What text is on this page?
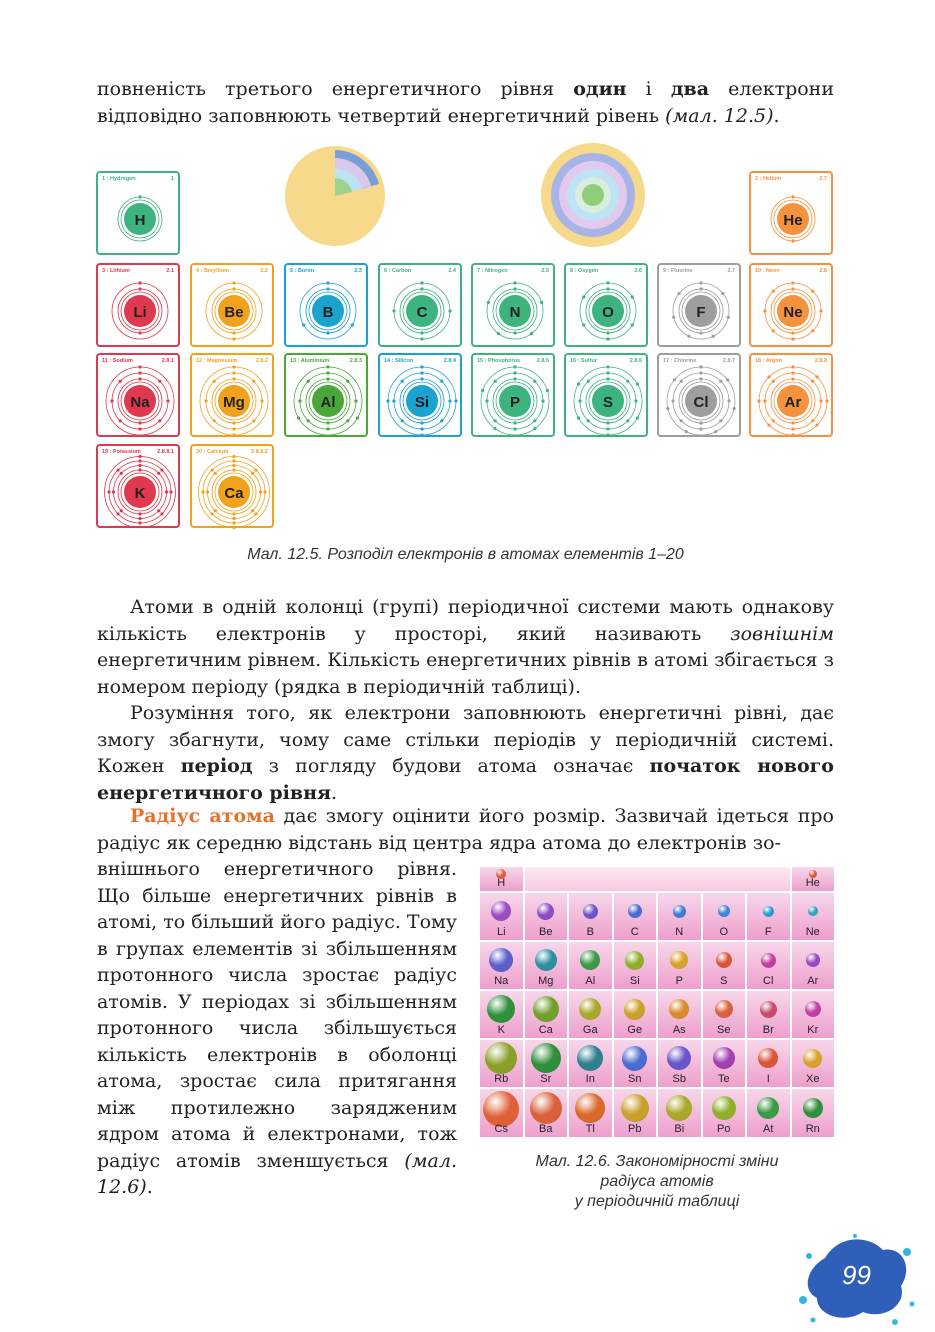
повненість третього енергетичного рівня один і два електрони відповідно заповнюють четвертий енергетичний рівень (мал. 12.5).

1 : Hydrogen	1
H
2 : Helium	2.7
He
3 : Lithium	2.1
Li
4 : Beryllium	2.2
Be
5 : Boron	2.3
B
6 : Carbon	2.4
C
7 : Nitrogen	2.5
N
8 : Oxygen	2.6
O
9 : Fluorine	2.7
F
10 : Neon	2.8
Ne
11 : Sodium	2.8.1
Na
12 : Magnesium	2.8.2
Mg
13 : Aluminium	2.8.3
Al
14 : Silicon	2.8.4
Si
15 : Phosphorus	2.8.5
P
16 : Sulfur	2.8.6
S
17 : Chlorine	2.8.7
Cl
18 : Argon	2.8.8
Ar
19 : Potassium	2.8.8.1
K
20 : Calcium	2.8.8.2
Ca
Мал. 12.5. Розподіл електронів в атомах елементів 1–20

Атоми в одній колонці (групі) періодичної системи мають однакову кількість електронів у просторі, який називають зовнішнім енергетичним рівнем. Кількість енергетичних рівнів в атомі збігається з номером періоду (рядка в періодичній таблиці).

Розуміння того, як електрони заповнюють енергетичні рівні, дає змогу збагнути, чому саме стільки періодів у періодичній системі. Кожен період з погляду будови атома означає початок нового енергетичного рівня.

Радіус атома дає змогу оцінити його розмір. Зазвичай ідеться про радіус як середню відстань від центра ядра атома до електронів зо-

внішнього енергетичного рівня. Що більше енергетичних рівнів в атомі, то більший його радіус. Тому в групах елементів зі збільшенням протонного числа зростає радіус атомів. У періодах зі збільшенням протонного числа збільшується кількість електронів в оболонці атома, зростає сила притягання між протилежно зарядженим ядром атома й електронами, тож радіус атомів зменшується (мал. 12.6).

H	He
Li	Be	B	C	N	O	F	Ne
Na	Mg	Al	Si	P	S	Cl	Ar
K	Ca	Ga	Ge	As	Se	Br	Kr
Rb	Sr	In	Sn	Sb	Te	I	Xe
Cs	Ba	Tl	Pb	Bi	Po	At	Rn
Мал. 12.6. Закономірності зміни
радіуса атомів
у періодичній таблиці
99
